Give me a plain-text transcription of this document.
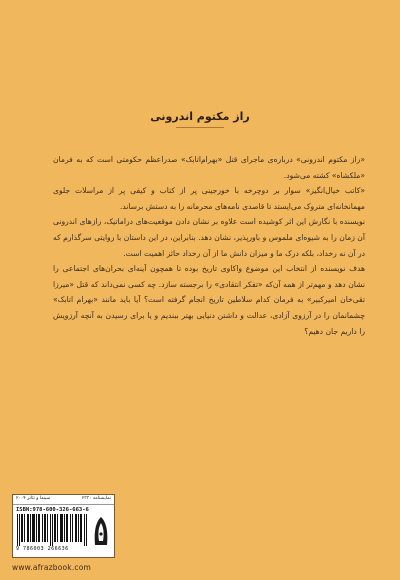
راز مکتوم اندرونی

«راز مکتوم اندرونی» درباره‌ی ماجرای قتل «بهرام‌اتابک» صدراعظم حکومتی است که به فرمان «ملکشاه» کشته می‌شود.

«کاتب خیال‌انگیز» سوار بر دوچرخه با خورجینی پر از کتاب و کیفی پر از مراسلات جلوی مهمانخانه‌ای متروک می‌ایستد تا قاصدی نامه‌های محرمانه را به دستش برساند.

نویسنده با نگارش این اثر کوشیده است علاوه بر نشان دادن موقعیت‌های دراماتیک، رازهای اندرونی آن زمان را به شیوه‌ای ملموس و باورپذیر، نشان دهد. بنابراین، در این داستان با روایتی سرگذارم که در آن نه رخداد، بلکه درک ما و میزان دانش ما از آن رخداد حائز اهمیت است.

هدف نویسنده از انتخاب این موضوع واکاوی تاریخ بوده تا همچون آینه‌ای بحران‌های اجتماعی را نشان دهد و مهم‌تر از همه آن‌که «تفکر انتقادی» را برجسته سازد. چه کسی نمی‌داند که قتل «میرزا تقی‌خان امیرکبیر» به فرمان کدام سلاطین تاریخ انجام گرفته است؟ آیا باید مانند «بهرام اتابک» چشمانمان را در آرزوی آزادی، عدالت و داشتن دنیایی بهتر ببندیم و یا برای رسیدن به آنچه آرزویش را داریم جان دهیم؟

نمایشنامه ۲۳۳۰
سینما و تئاتر ۲۰۰۴
ISBN:978-600-326-663-6
9 786003 266636
www.afrazbook.com
